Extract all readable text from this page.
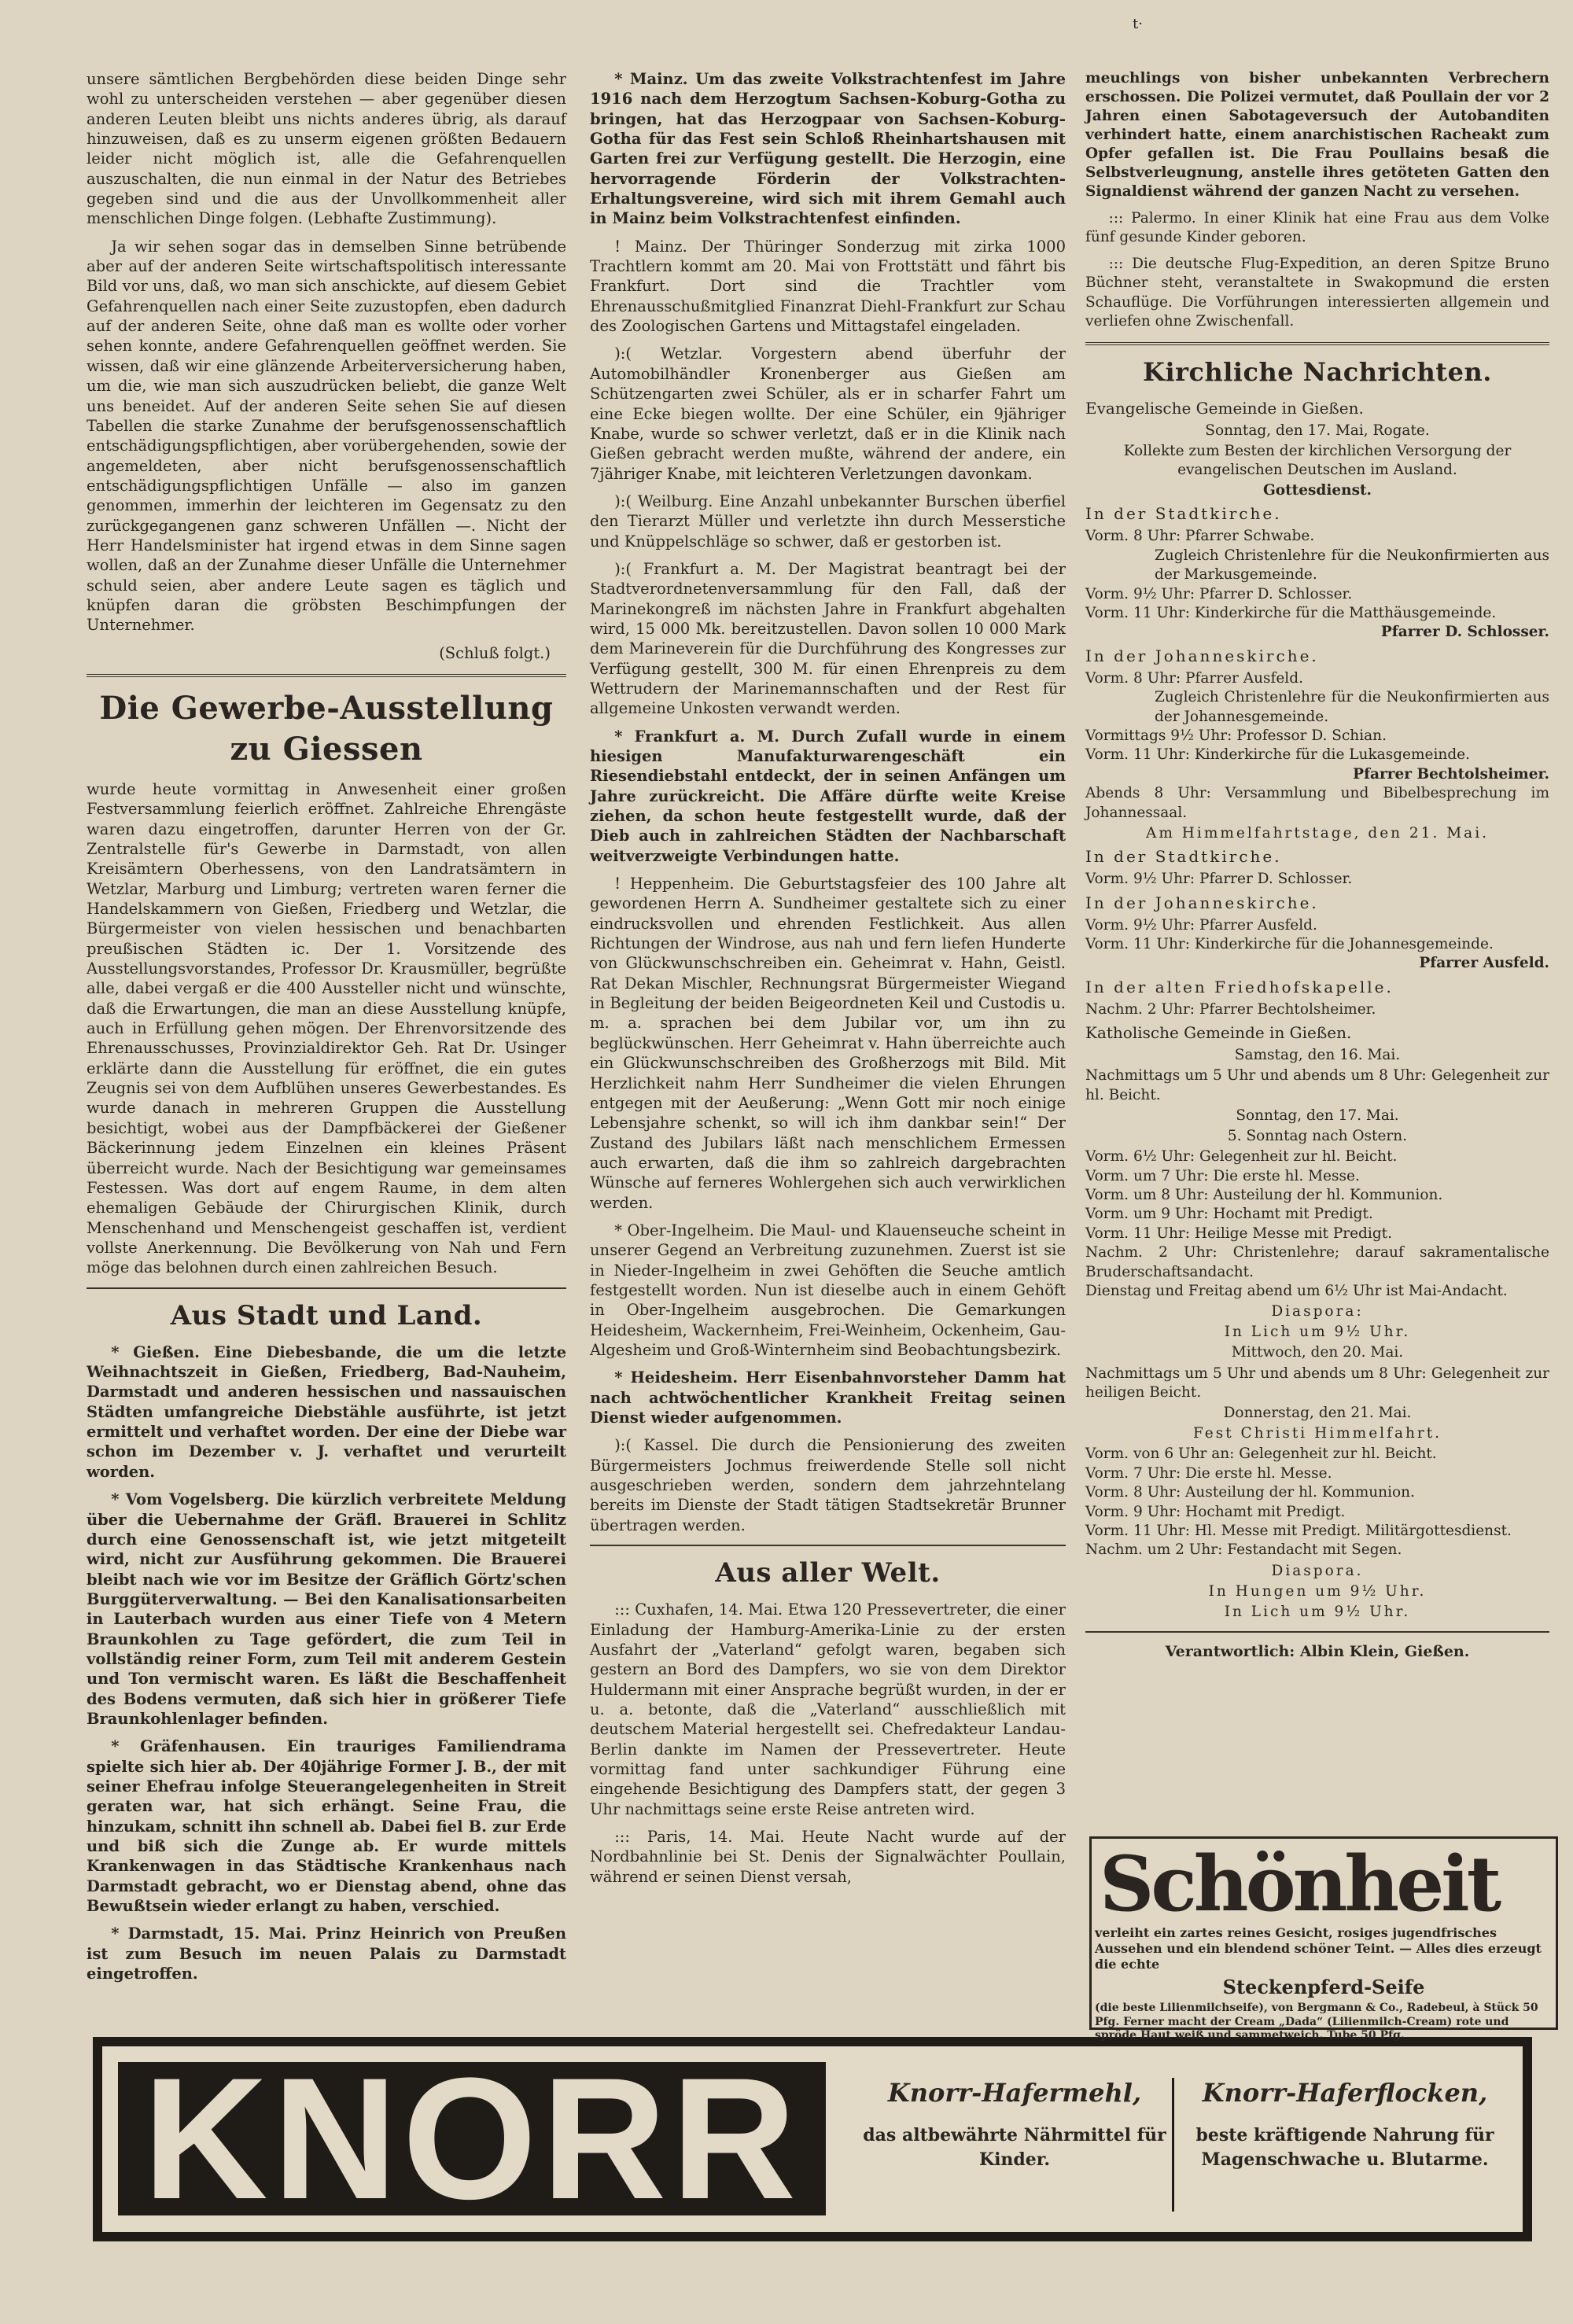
t·

unsere sämtlichen Bergbehörden diese beiden Dinge sehr wohl zu unterscheiden verstehen — aber gegenüber diesen anderen Leuten bleibt uns nichts anderes übrig, als darauf hinzuweisen, daß es zu unserm eigenen größten Bedauern leider nicht möglich ist, alle die Gefahrenquellen auszuschalten, die nun einmal in der Natur des Betriebes gegeben sind und die aus der Unvollkommenheit aller menschlichen Dinge folgen. (Lebhafte Zustimmung).

Ja wir sehen sogar das in demselben Sinne betrübende aber auf der anderen Seite wirtschaftspolitisch interessante Bild vor uns, daß, wo man sich anschickte, auf diesem Gebiet Gefahrenquellen nach einer Seite zuzustopfen, eben dadurch auf der anderen Seite, ohne daß man es wollte oder vorher sehen konnte, andere Gefahrenquellen geöffnet werden. Sie wissen, daß wir eine glänzende Arbeiterversicherung haben, um die, wie man sich auszudrücken beliebt, die ganze Welt uns beneidet. Auf der anderen Seite sehen Sie auf diesen Tabellen die starke Zunahme der berufsgenossenschaftlich entschädigungspflichtigen, aber vorübergehenden, sowie der angemeldeten, aber nicht berufsgenossenschaftlich entschädigungspflichtigen Unfälle — also im ganzen genommen, immerhin der leichteren im Gegensatz zu den zurückgegangenen ganz schweren Unfällen —. Nicht der Herr Handelsminister hat irgend etwas in dem Sinne sagen wollen, daß an der Zunahme dieser Unfälle die Unternehmer schuld seien, aber andere Leute sagen es täglich und knüpfen daran die gröbsten Beschimpfungen der Unternehmer.

(Schluß folgt.)
Die Gewerbe-Ausstellung zu Giessen

wurde heute vormittag in Anwesenheit einer großen Festversammlung feierlich eröffnet. Zahlreiche Ehrengäste waren dazu eingetroffen, darunter Herren von der Gr. Zentralstelle für's Gewerbe in Darmstadt, von allen Kreisämtern Oberhessens, von den Landratsämtern in Wetzlar, Marburg und Limburg; vertreten waren ferner die Handelskammern von Gießen, Friedberg und Wetzlar, die Bürgermeister von vielen hessischen und benachbarten preußischen Städten ic. Der 1. Vorsitzende des Ausstellungsvorstandes, Professor Dr. Krausmüller, begrüßte alle, dabei vergaß er die 400 Aussteller nicht und wünschte, daß die Erwartungen, die man an diese Ausstellung knüpfe, auch in Erfüllung gehen mögen. Der Ehrenvorsitzende des Ehrenausschusses, Provinzialdirektor Geh. Rat Dr. Usinger erklärte dann die Ausstellung für eröffnet, die ein gutes Zeugnis sei von dem Aufblühen unseres Gewerbestandes. Es wurde danach in mehreren Gruppen die Ausstellung besichtigt, wobei aus der Dampfbäckerei der Gießener Bäckerinnung jedem Einzelnen ein kleines Präsent überreicht wurde. Nach der Besichtigung war gemeinsames Festessen. Was dort auf engem Raume, in dem alten ehemaligen Gebäude der Chirurgischen Klinik, durch Menschenhand und Menschengeist geschaffen ist, verdient vollste Anerkennung. Die Bevölkerung von Nah und Fern möge das belohnen durch einen zahlreichen Besuch.

Aus Stadt und Land.

* Gießen. Eine Diebesbande, die um die letzte Weihnachtszeit in Gießen, Friedberg, Bad-Nauheim, Darmstadt und anderen hessischen und nassauischen Städten umfangreiche Diebstähle ausführte, ist jetzt ermittelt und verhaftet worden. Der eine der Diebe war schon im Dezember v. J. verhaftet und verurteilt worden.

* Vom Vogelsberg. Die kürzlich verbreitete Meldung über die Uebernahme der Gräfl. Brauerei in Schlitz durch eine Genossenschaft ist, wie jetzt mitgeteilt wird, nicht zur Ausführung gekommen. Die Brauerei bleibt nach wie vor im Besitze der Gräflich Görtz'schen Burggüterverwaltung. — Bei den Kanalisationsarbeiten in Lauterbach wurden aus einer Tiefe von 4 Metern Braunkohlen zu Tage gefördert, die zum Teil in vollständig reiner Form, zum Teil mit anderem Gestein und Ton vermischt waren. Es läßt die Beschaffenheit des Bodens vermuten, daß sich hier in größerer Tiefe Braunkohlenlager befinden.

* Gräfenhausen. Ein trauriges Familiendrama spielte sich hier ab. Der 40jährige Former J. B., der mit seiner Ehefrau infolge Steuerangelegenheiten in Streit geraten war, hat sich erhängt. Seine Frau, die hinzukam, schnitt ihn schnell ab. Dabei fiel B. zur Erde und biß sich die Zunge ab. Er wurde mittels Krankenwagen in das Städtische Krankenhaus nach Darmstadt gebracht, wo er Dienstag abend, ohne das Bewußtsein wieder erlangt zu haben, verschied.

* Darmstadt, 15. Mai. Prinz Heinrich von Preußen ist zum Besuch im neuen Palais zu Darmstadt eingetroffen.

* Mainz. Um das zweite Volkstrachtenfest im Jahre 1916 nach dem Herzogtum Sachsen-Koburg-Gotha zu bringen, hat das Herzogpaar von Sachsen-Koburg-Gotha für das Fest sein Schloß Rheinhartshausen mit Garten frei zur Verfügung gestellt. Die Herzogin, eine hervorragende Förderin der Volkstrachten-Erhaltungsvereine, wird sich mit ihrem Gemahl auch in Mainz beim Volkstrachtenfest einfinden.

! Mainz. Der Thüringer Sonderzug mit zirka 1000 Trachtlern kommt am 20. Mai von Frottstätt und fährt bis Frankfurt. Dort sind die Trachtler vom Ehrenausschußmitglied Finanzrat Diehl-Frankfurt zur Schau des Zoologischen Gartens und Mittagstafel eingeladen.

):( Wetzlar. Vorgestern abend überfuhr der Automobilhändler Kronenberger aus Gießen am Schützengarten zwei Schüler, als er in scharfer Fahrt um eine Ecke biegen wollte. Der eine Schüler, ein 9jähriger Knabe, wurde so schwer verletzt, daß er in die Klinik nach Gießen gebracht werden mußte, während der andere, ein 7jähriger Knabe, mit leichteren Verletzungen davonkam.

):( Weilburg. Eine Anzahl unbekannter Burschen überfiel den Tierarzt Müller und verletzte ihn durch Messerstiche und Knüppelschläge so schwer, daß er gestorben ist.

):( Frankfurt a. M. Der Magistrat beantragt bei der Stadtverordnetenversammlung für den Fall, daß der Marinekongreß im nächsten Jahre in Frankfurt abgehalten wird, 15 000 Mk. bereitzustellen. Davon sollen 10 000 Mark dem Marineverein für die Durchführung des Kongresses zur Verfügung gestellt, 300 M. für einen Ehrenpreis zu dem Wettrudern der Marinemannschaften und der Rest für allgemeine Unkosten verwandt werden.

* Frankfurt a. M. Durch Zufall wurde in einem hiesigen Manufakturwarengeschäft ein Riesendiebstahl entdeckt, der in seinen Anfängen um Jahre zurückreicht. Die Affäre dürfte weite Kreise ziehen, da schon heute festgestellt wurde, daß der Dieb auch in zahlreichen Städten der Nachbarschaft weitverzweigte Verbindungen hatte.

! Heppenheim. Die Geburtstagsfeier des 100 Jahre alt gewordenen Herrn A. Sundheimer gestaltete sich zu einer eindrucksvollen und ehrenden Festlichkeit. Aus allen Richtungen der Windrose, aus nah und fern liefen Hunderte von Glückwunschschreiben ein. Geheimrat v. Hahn, Geistl. Rat Dekan Mischler, Rechnungsrat Bürgermeister Wiegand in Begleitung der beiden Beigeordneten Keil und Custodis u. m. a. sprachen bei dem Jubilar vor, um ihn zu beglückwünschen. Herr Geheimrat v. Hahn überreichte auch ein Glückwunschschreiben des Großherzogs mit Bild. Mit Herzlichkeit nahm Herr Sundheimer die vielen Ehrungen entgegen mit der Aeußerung: „Wenn Gott mir noch einige Lebensjahre schenkt, so will ich ihm dankbar sein!“ Der Zustand des Jubilars läßt nach menschlichem Ermessen auch erwarten, daß die ihm so zahlreich dargebrachten Wünsche auf ferneres Wohlergehen sich auch verwirklichen werden.

* Ober-Ingelheim. Die Maul- und Klauenseuche scheint in unserer Gegend an Verbreitung zuzunehmen. Zuerst ist sie in Nieder-Ingelheim in zwei Gehöften die Seuche amtlich festgestellt worden. Nun ist dieselbe auch in einem Gehöft in Ober-Ingelheim ausgebrochen. Die Gemarkungen Heidesheim, Wackernheim, Frei-Weinheim, Ockenheim, Gau-Algesheim und Groß-Winternheim sind Beobachtungsbezirk.

* Heidesheim. Herr Eisenbahnvorsteher Damm hat nach achtwöchentlicher Krankheit Freitag seinen Dienst wieder aufgenommen.

):( Kassel. Die durch die Pensionierung des zweiten Bürgermeisters Jochmus freiwerdende Stelle soll nicht ausgeschrieben werden, sondern dem jahrzehntelang bereits im Dienste der Stadt tätigen Stadtsekretär Brunner übertragen werden.

Aus aller Welt.

::: Cuxhafen, 14. Mai. Etwa 120 Pressevertreter, die einer Einladung der Hamburg-Amerika-Linie zu der ersten Ausfahrt der „Vaterland“ gefolgt waren, begaben sich gestern an Bord des Dampfers, wo sie von dem Direktor Huldermann mit einer Ansprache begrüßt wurden, in der er u. a. betonte, daß die „Vaterland“ ausschließlich mit deutschem Material hergestellt sei. Chefredakteur Landau-Berlin dankte im Namen der Pressevertreter. Heute vormittag fand unter sachkundiger Führung eine eingehende Besichtigung des Dampfers statt, der gegen 3 Uhr nachmittags seine erste Reise antreten wird.

::: Paris, 14. Mai. Heute Nacht wurde auf der Nordbahnlinie bei St. Denis der Signalwächter Poullain, während er seinen Dienst versah,

meuchlings von bisher unbekannten Verbrechern erschossen. Die Polizei vermutet, daß Poullain der vor 2 Jahren einen Sabotageversuch der Autobanditen verhindert hatte, einem anarchistischen Racheakt zum Opfer gefallen ist. Die Frau Poullains besaß die Selbstverleugnung, anstelle ihres getöteten Gatten den Signaldienst während der ganzen Nacht zu versehen.

::: Palermo. In einer Klinik hat eine Frau aus dem Volke fünf gesunde Kinder geboren.

::: Die deutsche Flug-Expedition, an deren Spitze Bruno Büchner steht, veranstaltete in Swakopmund die ersten Schauflüge. Die Vorführungen interessierten allgemein und verliefen ohne Zwischenfall.

Kirchliche Nachrichten.
Evangelische Gemeinde in Gießen.
Sonntag, den 17. Mai, Rogate.
Kollekte zum Besten der kirchlichen Versorgung der evangelischen Deutschen im Ausland.
Gottesdienst.
In der Stadtkirche.
Vorm. 8 Uhr: Pfarrer Schwabe.
Zugleich Christenlehre für die Neukonfirmierten aus der Markusgemeinde.
Vorm. 9½ Uhr: Pfarrer D. Schlosser.
Vorm. 11 Uhr: Kinderkirche für die Matthäusgemeinde.
Pfarrer D. Schlosser.
In der Johanneskirche.
Vorm. 8 Uhr: Pfarrer Ausfeld.
Zugleich Christenlehre für die Neukonfirmierten aus der Johannesgemeinde.
Vormittags 9½ Uhr: Professor D. Schian.
Vorm. 11 Uhr: Kinderkirche für die Lukasgemeinde.
Pfarrer Bechtolsheimer.
Abends 8 Uhr: Versammlung und Bibelbesprechung im Johannessaal.
Am Himmelfahrtstage, den 21. Mai.
In der Stadtkirche.
Vorm. 9½ Uhr: Pfarrer D. Schlosser.
In der Johanneskirche.
Vorm. 9½ Uhr: Pfarrer Ausfeld.
Vorm. 11 Uhr: Kinderkirche für die Johannesgemeinde.
Pfarrer Ausfeld.
In der alten Friedhofskapelle.
Nachm. 2 Uhr: Pfarrer Bechtolsheimer.
Katholische Gemeinde in Gießen.
Samstag, den 16. Mai.
Nachmittags um 5 Uhr und abends um 8 Uhr: Gelegenheit zur hl. Beicht.
Sonntag, den 17. Mai.
5. Sonntag nach Ostern.
Vorm. 6½ Uhr: Gelegenheit zur hl. Beicht.
Vorm. um 7 Uhr: Die erste hl. Messe.
Vorm. um 8 Uhr: Austeilung der hl. Kommunion.
Vorm. um 9 Uhr: Hochamt mit Predigt.
Vorm. 11 Uhr: Heilige Messe mit Predigt.
Nachm. 2 Uhr: Christenlehre; darauf sakramentalische Bruderschaftsandacht.
Dienstag und Freitag abend um 6½ Uhr ist Mai-Andacht.
Diaspora:
In Lich um 9½ Uhr.
Mittwoch, den 20. Mai.
Nachmittags um 5 Uhr und abends um 8 Uhr: Gelegenheit zur heiligen Beicht.
Donnerstag, den 21. Mai.
Fest Christi Himmelfahrt.
Vorm. von 6 Uhr an: Gelegenheit zur hl. Beicht.
Vorm. 7 Uhr: Die erste hl. Messe.
Vorm. 8 Uhr: Austeilung der hl. Kommunion.
Vorm. 9 Uhr: Hochamt mit Predigt.
Vorm. 11 Uhr: Hl. Messe mit Predigt. Militärgottesdienst.
Nachm. um 2 Uhr: Festandacht mit Segen.
Diaspora.
In Hungen um 9½ Uhr.
In Lich um 9½ Uhr.
Verantwortlich: Albin Klein, Gießen.
KNORR	Knorr-Hafermehl,
das altbewährte Nährmittel für Kinder.
Knorr-Haferflocken,
beste kräftigende Nahrung für Magenschwache u. Blutarme.
Schönheit
verleiht ein zartes reines Gesicht, rosiges jugendfrisches Aussehen und ein blendend schöner Teint. — Alles dies erzeugt die echte
Steckenpferd-Seife
(die beste Lilienmilchseife), von Bergmann & Co., Radebeul, à Stück 50 Pfg. Ferner macht der Cream „Dada“ (Lilienmilch-Cream) rote und spröde Haut weiß und sammetweich. Tube 50 Pfg.
